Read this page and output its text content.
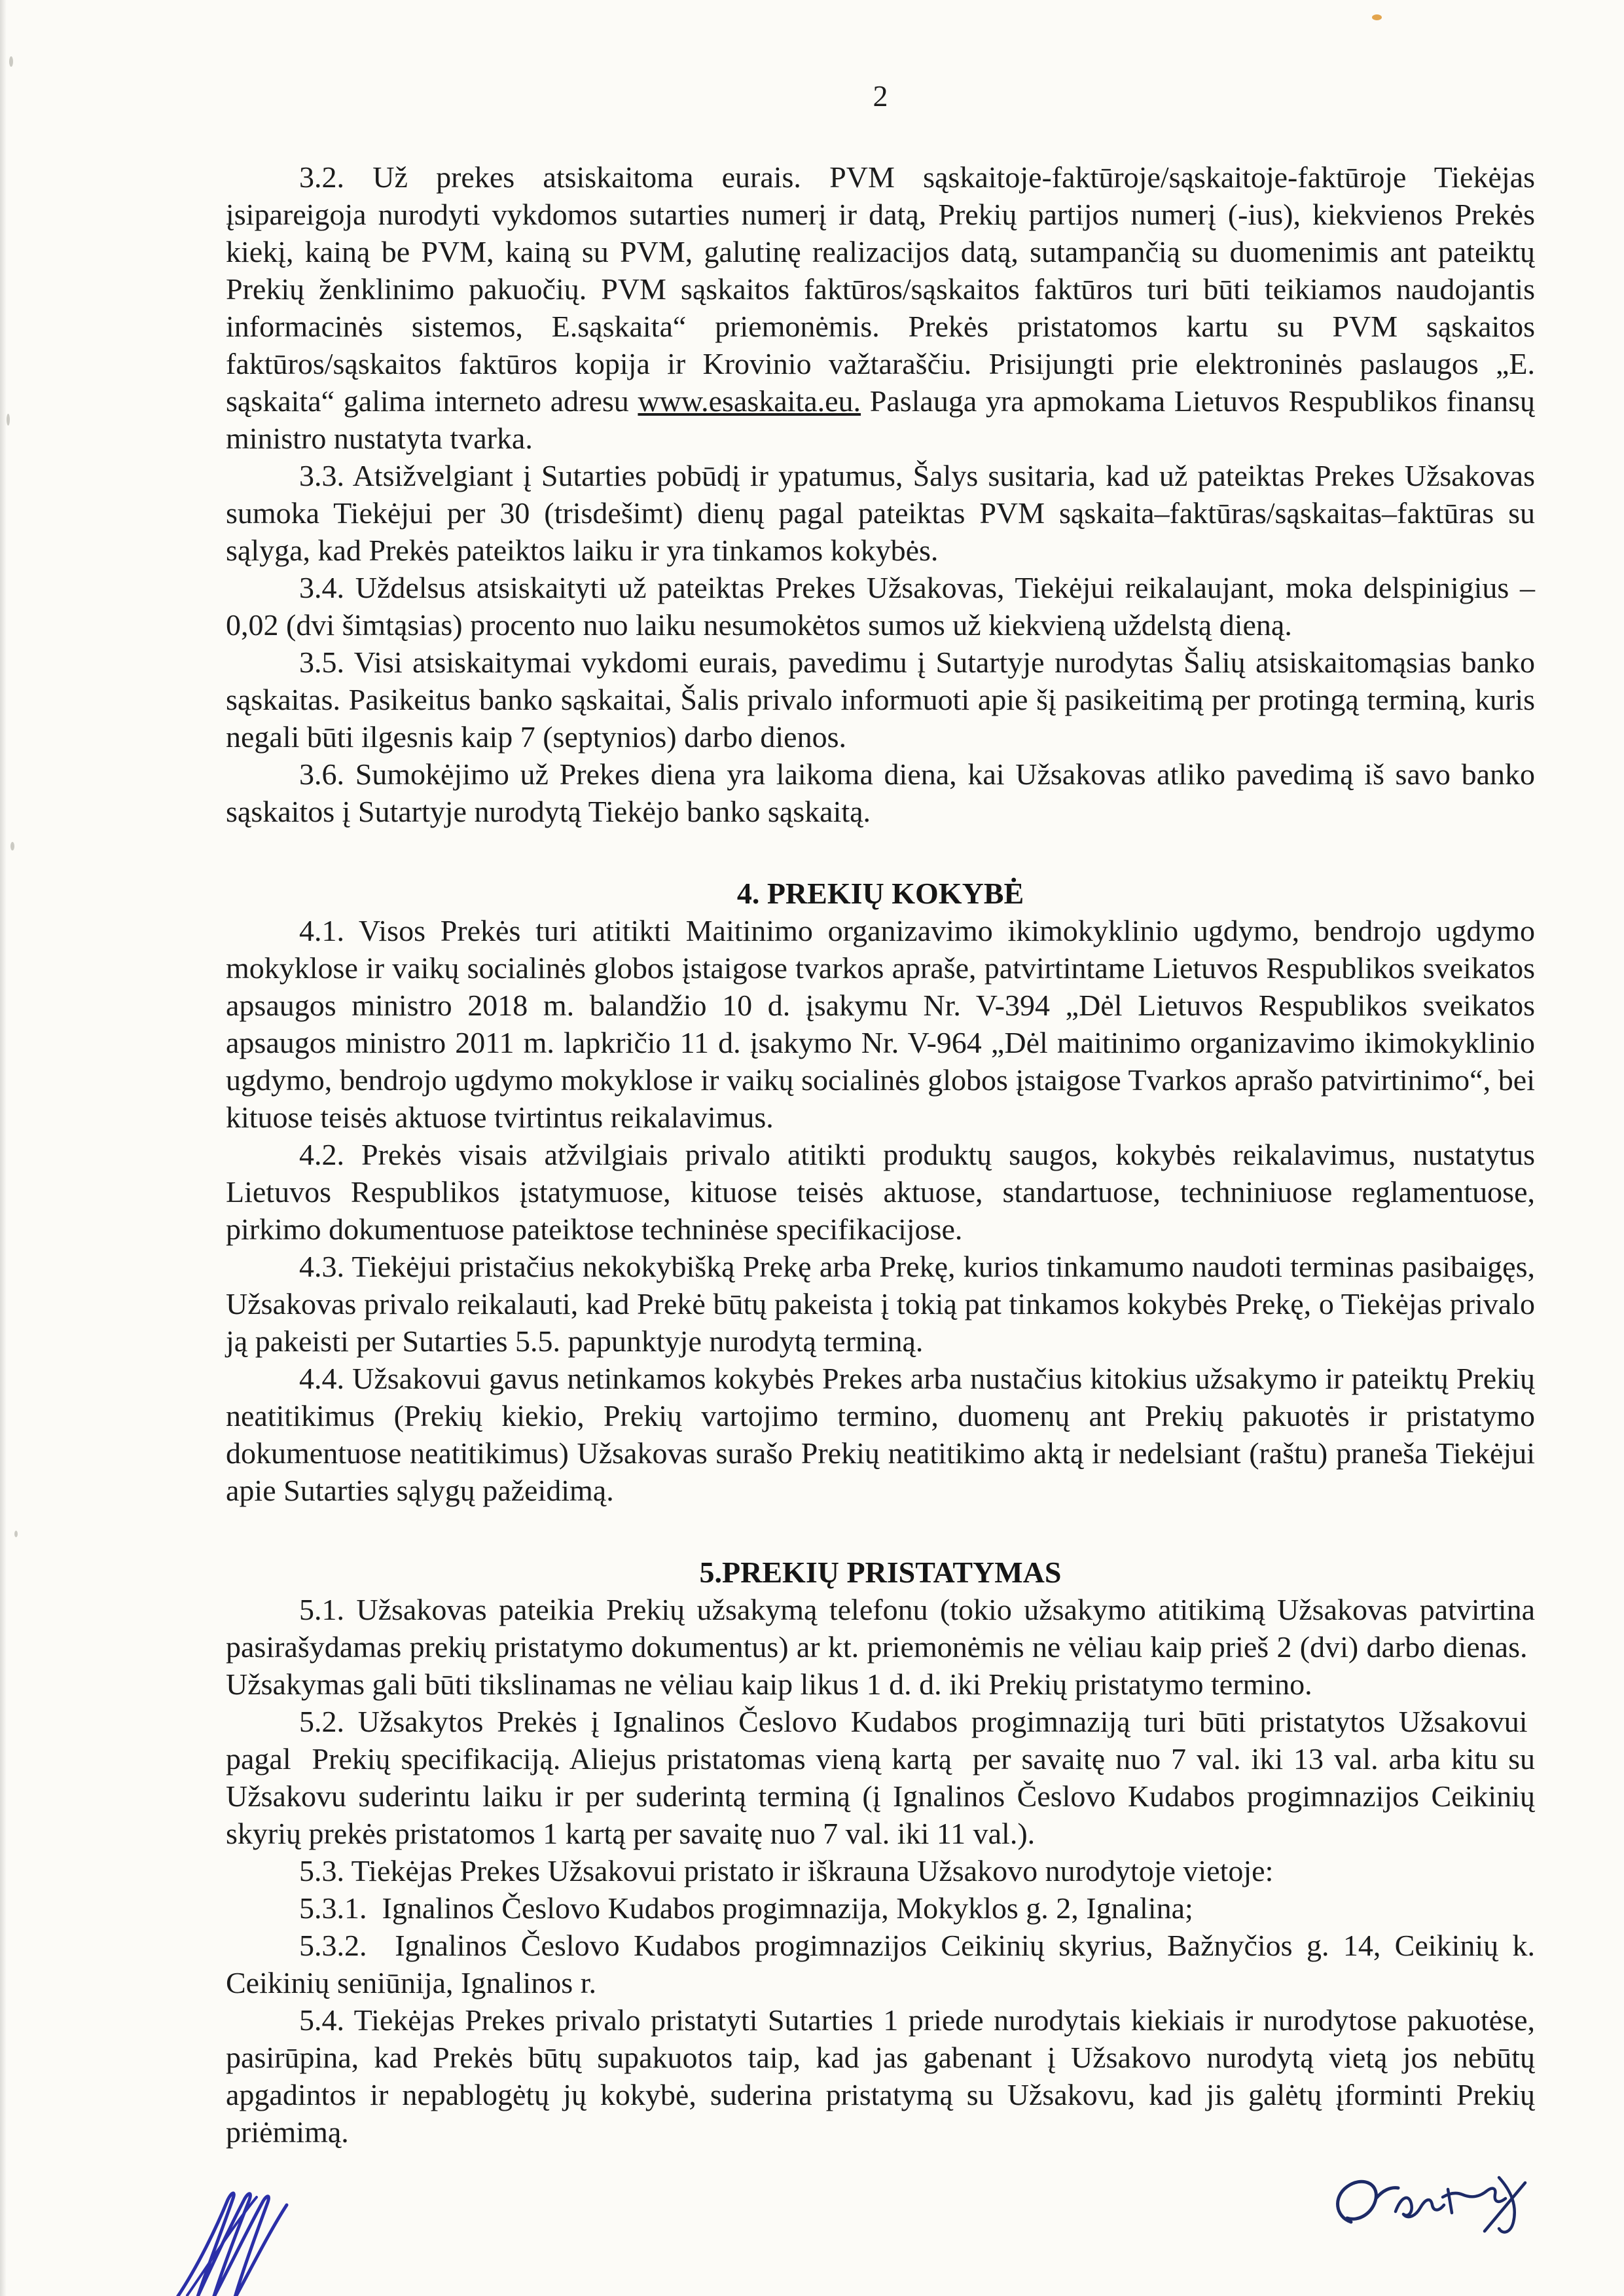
2

3.2. Už prekes atsiskaitoma eurais. PVM sąskaitoje-faktūroje/sąskaitoje-faktūroje Tiekėjas įsipareigoja nurodyti vykdomos sutarties numerį ir datą, Prekių partijos numerį (-ius), kiekvienos Prekės kiekį, kainą be PVM, kainą su PVM, galutinę realizacijos datą, sutampančią su duomenimis ant pateiktų Prekių ženklinimo pakuočių. PVM sąskaitos faktūros/sąskaitos faktūros turi būti teikiamos naudojantis informacinės sistemos, E.sąskaita“ priemonėmis. Prekės pristatomos kartu su PVM sąskaitos faktūros/sąskaitos faktūros kopija ir Krovinio važtaraščiu. Prisijungti prie elektroninės paslaugos „E. sąskaita“ galima interneto adresu www.esaskaita.eu. Paslauga yra apmokama Lietuvos Respublikos finansų ministro nustatyta tvarka.

3.3. Atsižvelgiant į Sutarties pobūdį ir ypatumus, Šalys susitaria, kad už pateiktas Prekes Užsakovas sumoka Tiekėjui per 30 (trisdešimt) dienų pagal pateiktas PVM sąskaita–faktūras/sąskaitas–faktūras su sąlyga, kad Prekės pateiktos laiku ir yra tinkamos kokybės.

3.4. Uždelsus atsiskaityti už pateiktas Prekes Užsakovas, Tiekėjui reikalaujant, moka delspinigius – 0,02 (dvi šimtąsias) procento nuo laiku nesumokėtos sumos už kiekvieną uždelstą dieną.

3.5. Visi atsiskaitymai vykdomi eurais, pavedimu į Sutartyje nurodytas Šalių atsiskaitomąsias banko sąskaitas. Pasikeitus banko sąskaitai, Šalis privalo informuoti apie šį pasikeitimą per protingą terminą, kuris negali būti ilgesnis kaip 7 (septynios) darbo dienos.

3.6. Sumokėjimo už Prekes diena yra laikoma diena, kai Užsakovas atliko pavedimą iš savo banko sąskaitos į Sutartyje nurodytą Tiekėjo banko sąskaitą.

4. PREKIŲ KOKYBĖ

4.1. Visos Prekės turi atitikti Maitinimo organizavimo ikimokyklinio ugdymo, bendrojo ugdymo mokyklose ir vaikų socialinės globos įstaigose tvarkos apraše, patvirtintame Lietuvos Respublikos sveikatos apsaugos ministro 2018 m. balandžio 10 d. įsakymu Nr. V-394 „Dėl Lietuvos Respublikos sveikatos apsaugos ministro 2011 m. lapkričio 11 d. įsakymo Nr. V-964 „Dėl maitinimo organizavimo ikimokyklinio ugdymo, bendrojo ugdymo mokyklose ir vaikų socialinės globos įstaigose Tvarkos aprašo patvirtinimo“, bei kituose teisės aktuose tvirtintus reikalavimus.

4.2. Prekės visais atžvilgiais privalo atitikti produktų saugos, kokybės reikalavimus, nustatytus Lietuvos Respublikos įstatymuose, kituose teisės aktuose, standartuose, techniniuose reglamentuose, pirkimo dokumentuose pateiktose techninėse specifikacijose.

4.3. Tiekėjui pristačius nekokybišką Prekę arba Prekę, kurios tinkamumo naudoti terminas pasibaigęs, Užsakovas privalo reikalauti, kad Prekė būtų pakeista į tokią pat tinkamos kokybės Prekę, o Tiekėjas privalo ją pakeisti per Sutarties 5.5. papunktyje nurodytą terminą.

4.4. Užsakovui gavus netinkamos kokybės Prekes arba nustačius kitokius užsakymo ir pateiktų Prekių neatitikimus (Prekių kiekio, Prekių vartojimo termino, duomenų ant Prekių pakuotės ir pristatymo dokumentuose neatitikimus) Užsakovas surašo Prekių neatitikimo aktą ir nedelsiant (raštu) praneša Tiekėjui apie Sutarties sąlygų pažeidimą.

5.PREKIŲ PRISTATYMAS

5.1. Užsakovas pateikia Prekių užsakymą telefonu (tokio užsakymo atitikimą Užsakovas patvirtina pasirašydamas prekių pristatymo dokumentus) ar kt. priemonėmis ne vėliau kaip prieš 2 (dvi) darbo dienas.  Užsakymas gali būti tikslinamas ne vėliau kaip likus 1 d. d. iki Prekių pristatymo termino.

5.2. Užsakytos Prekės į Ignalinos Česlovo Kudabos progimnaziją turi būti pristatytos Užsakovui  pagal  Prekių specifikaciją. Aliejus pristatomas vieną kartą  per savaitę nuo 7 val. iki 13 val. arba kitu su Užsakovu suderintu laiku ir per suderintą terminą (į Ignalinos Česlovo Kudabos progimnazijos Ceikinių skyrių prekės pristatomos 1 kartą per savaitę nuo 7 val. iki 11 val.).

5.3. Tiekėjas Prekes Užsakovui pristato ir iškrauna Užsakovo nurodytoje vietoje:

5.3.1.  Ignalinos Česlovo Kudabos progimnazija, Mokyklos g. 2, Ignalina;

5.3.2.  Ignalinos Česlovo Kudabos progimnazijos Ceikinių skyrius, Bažnyčios g. 14, Ceikinių k. Ceikinių seniūnija, Ignalinos r.

5.4. Tiekėjas Prekes privalo pristatyti Sutarties 1 priede nurodytais kiekiais ir nurodytose pakuotėse, pasirūpina, kad Prekės būtų supakuotos taip, kad jas gabenant į Užsakovo nurodytą vietą jos nebūtų apgadintos ir nepablogėtų jų kokybė, suderina pristatymą su Užsakovu, kad jis galėtų įforminti Prekių priėmimą.
